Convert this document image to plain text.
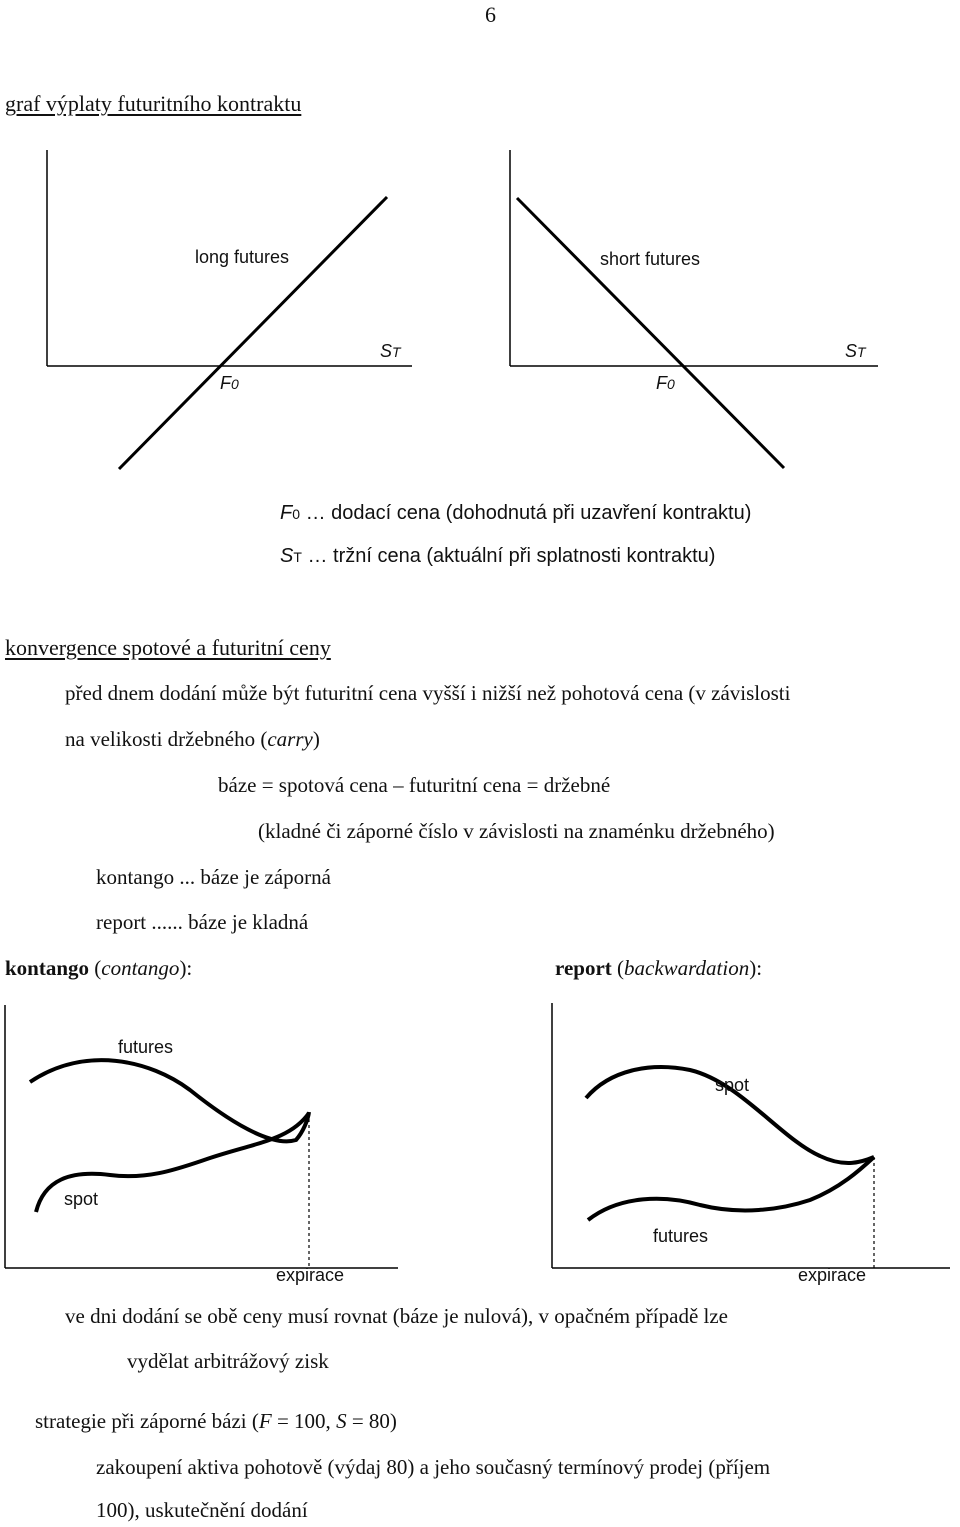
6
graf výplaty futuritního kontraktu
long futures	short futures
ST	ST
F0	F0
F0 … dodací cena (dohodnutá při uzavření kontraktu)
ST … tržní cena (aktuální při splatnosti kontraktu)
konvergence spotové a futuritní ceny
před dnem dodání může být futuritní cena vyšší i nižší než pohotová cena (v závislosti
na velikosti držebného (carry)
báze = spotová cena – futuritní cena = držebné
(kladné či záporné číslo v závislosti na znaménku držebného)
kontango ... báze je záporná
report ...... báze je kladná
kontango (contango):	report (backwardation):
futures
spot
expirace
spot
futures
expirace
ve dni dodání se obě ceny musí rovnat (báze je nulová), v opačném případě lze
vydělat arbitrážový zisk
strategie při záporné bázi (F = 100, S = 80)
zakoupení aktiva pohotově (výdaj 80) a jeho současný termínový prodej (příjem
100), uskutečnění dodání
